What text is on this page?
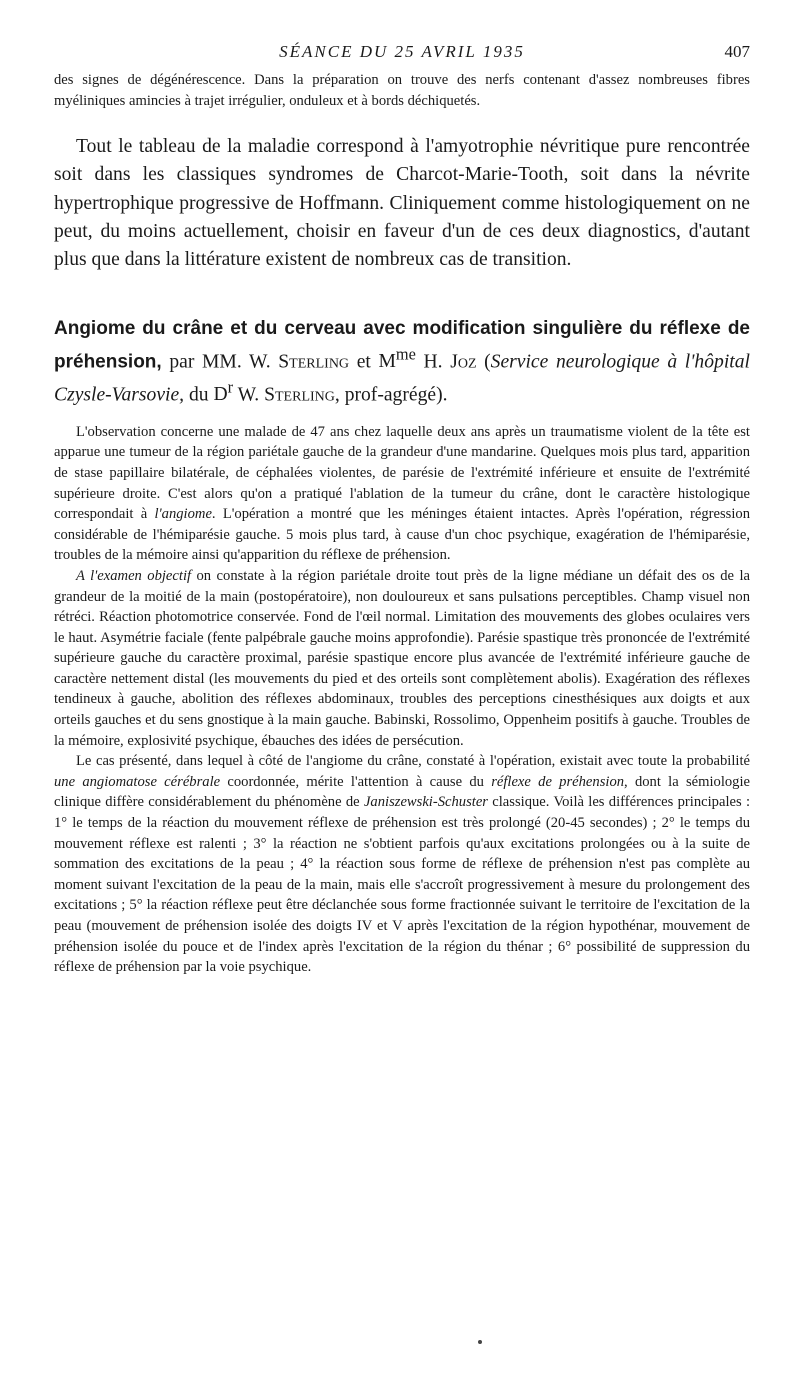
SÉANCE DU 25 AVRIL 1935	407

des signes de dégénérescence. Dans la préparation on trouve des nerfs contenant d'assez nombreuses fibres myéliniques amincies à trajet irrégulier, onduleux et à bords déchiquetés.

Tout le tableau de la maladie correspond à l'amyotrophie névritique pure rencontrée soit dans les classiques syndromes de Charcot-Marie-Tooth, soit dans la névrite hypertrophique progressive de Hoffmann. Cliniquement comme histologiquement on ne peut, du moins actuellement, choisir en faveur d'un de ces deux diagnostics, d'autant plus que dans la littérature existent de nombreux cas de transition.

Angiome du crâne et du cerveau avec modification singulière du réflexe de préhension, par MM. W. Sterling et $M^{me}$ H. Joz (Service neurologique à l'hôpital Czysle-Varsovie, du $D^r$ W. Sterling, prof-agrégé).

L'observation concerne une malade de 47 ans chez laquelle deux ans après un traumatisme violent de la tête est apparue une tumeur de la région pariétale gauche de la grandeur d'une mandarine. Quelques mois plus tard, apparition de stase papillaire bilatérale, de céphalées violentes, de parésie de l'extrémité inférieure et ensuite de l'extrémité supérieure droite. C'est alors qu'on a pratiqué l'ablation de la tumeur du crâne, dont le caractère histologique correspondait à l'angiome. L'opération a montré que les méninges étaient intactes. Après l'opération, régression considérable de l'hémiparésie gauche. 5 mois plus tard, à cause d'un choc psychique, exagération de l'hémiparésie, troubles de la mémoire ainsi qu'apparition du réflexe de préhension.

A l'examen objectif on constate à la région pariétale droite tout près de la ligne médiane un défait des os de la grandeur de la moitié de la main (postopératoire), non douloureux et sans pulsations perceptibles. Champ visuel non rétréci. Réaction photomotrice conservée. Fond de l'œil normal. Limitation des mouvements des globes oculaires vers le haut. Asymétrie faciale (fente palpébrale gauche moins approfondie). Parésie spastique très prononcée de l'extrémité supérieure gauche du caractère proximal, parésie spastique encore plus avancée de l'extrémité inférieure gauche de caractère nettement distal (les mouvements du pied et des orteils sont complètement abolis). Exagération des réflexes tendineux à gauche, abolition des réflexes abdominaux, troubles des perceptions cinesthésiques aux doigts et aux orteils gauches et du sens gnostique à la main gauche. Babinski, Rossolimo, Oppenheim positifs à gauche. Troubles de la mémoire, explosivité psychique, ébauches des idées de persécution.

Le cas présenté, dans lequel à côté de l'angiome du crâne, constaté à l'opération, existait avec toute la probabilité une angiomatose cérébrale coordonnée, mérite l'attention à cause du réflexe de préhension, dont la sémiologie clinique diffère considérablement du phénomène de Janiszewski-Schuster classique. Voilà les différences principales : 1° le temps de la réaction du mouvement réflexe de préhension est très prolongé (20-45 secondes) ; 2° le temps du mouvement réflexe est ralenti ; 3° la réaction ne s'obtient parfois qu'aux excitations prolongées ou à la suite de sommation des excitations de la peau ; 4° la réaction sous forme de réflexe de préhension n'est pas complète au moment suivant l'excitation de la peau de la main, mais elle s'accroît progressivement à mesure du prolongement des excitations ; 5° la réaction réflexe peut être déclanchée sous forme fractionnée suivant le territoire de l'excitation de la peau (mouvement de préhension isolée des doigts IV et V après l'excitation de la région hypothénar, mouvement de préhension isolée du pouce et de l'index après l'excitation de la région du thénar ; 6° possibilité de suppression du réflexe de préhension par la voie psychique.
